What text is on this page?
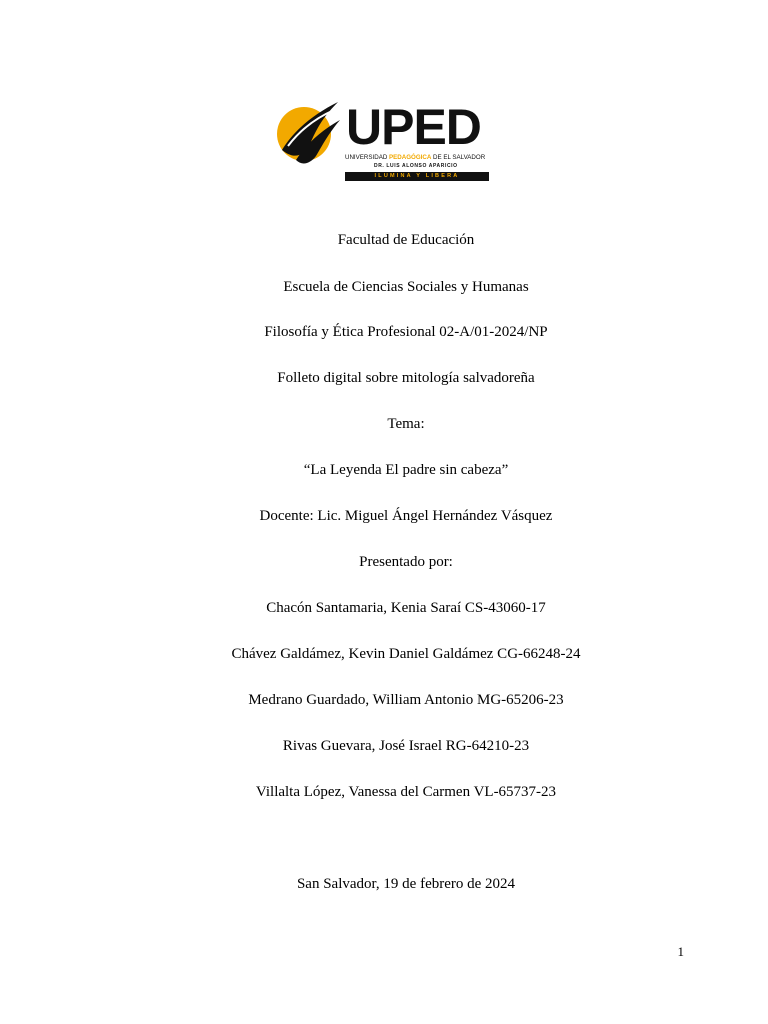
UPED
UNIVERSIDAD PEDAGÓGICA DE EL SALVADOR
DR. LUIS ALONSO APARICIO
ILUMINA Y LIBERA
Facultad de Educación
Escuela de Ciencias Sociales y Humanas
Filosofía y Ética Profesional 02-A/01-2024/NP
Folleto digital sobre mitología salvadoreña
Tema:
“La Leyenda El padre sin cabeza”
Docente: Lic. Miguel Ángel Hernández Vásquez
Presentado por:
Chacón Santamaria, Kenia Saraí CS-43060-17
Chávez Galdámez, Kevin Daniel Galdámez CG-66248-24
Medrano Guardado, William Antonio MG-65206-23
Rivas Guevara, José Israel RG-64210-23
Villalta López, Vanessa del Carmen VL-65737-23
San Salvador, 19 de febrero de 2024
1
